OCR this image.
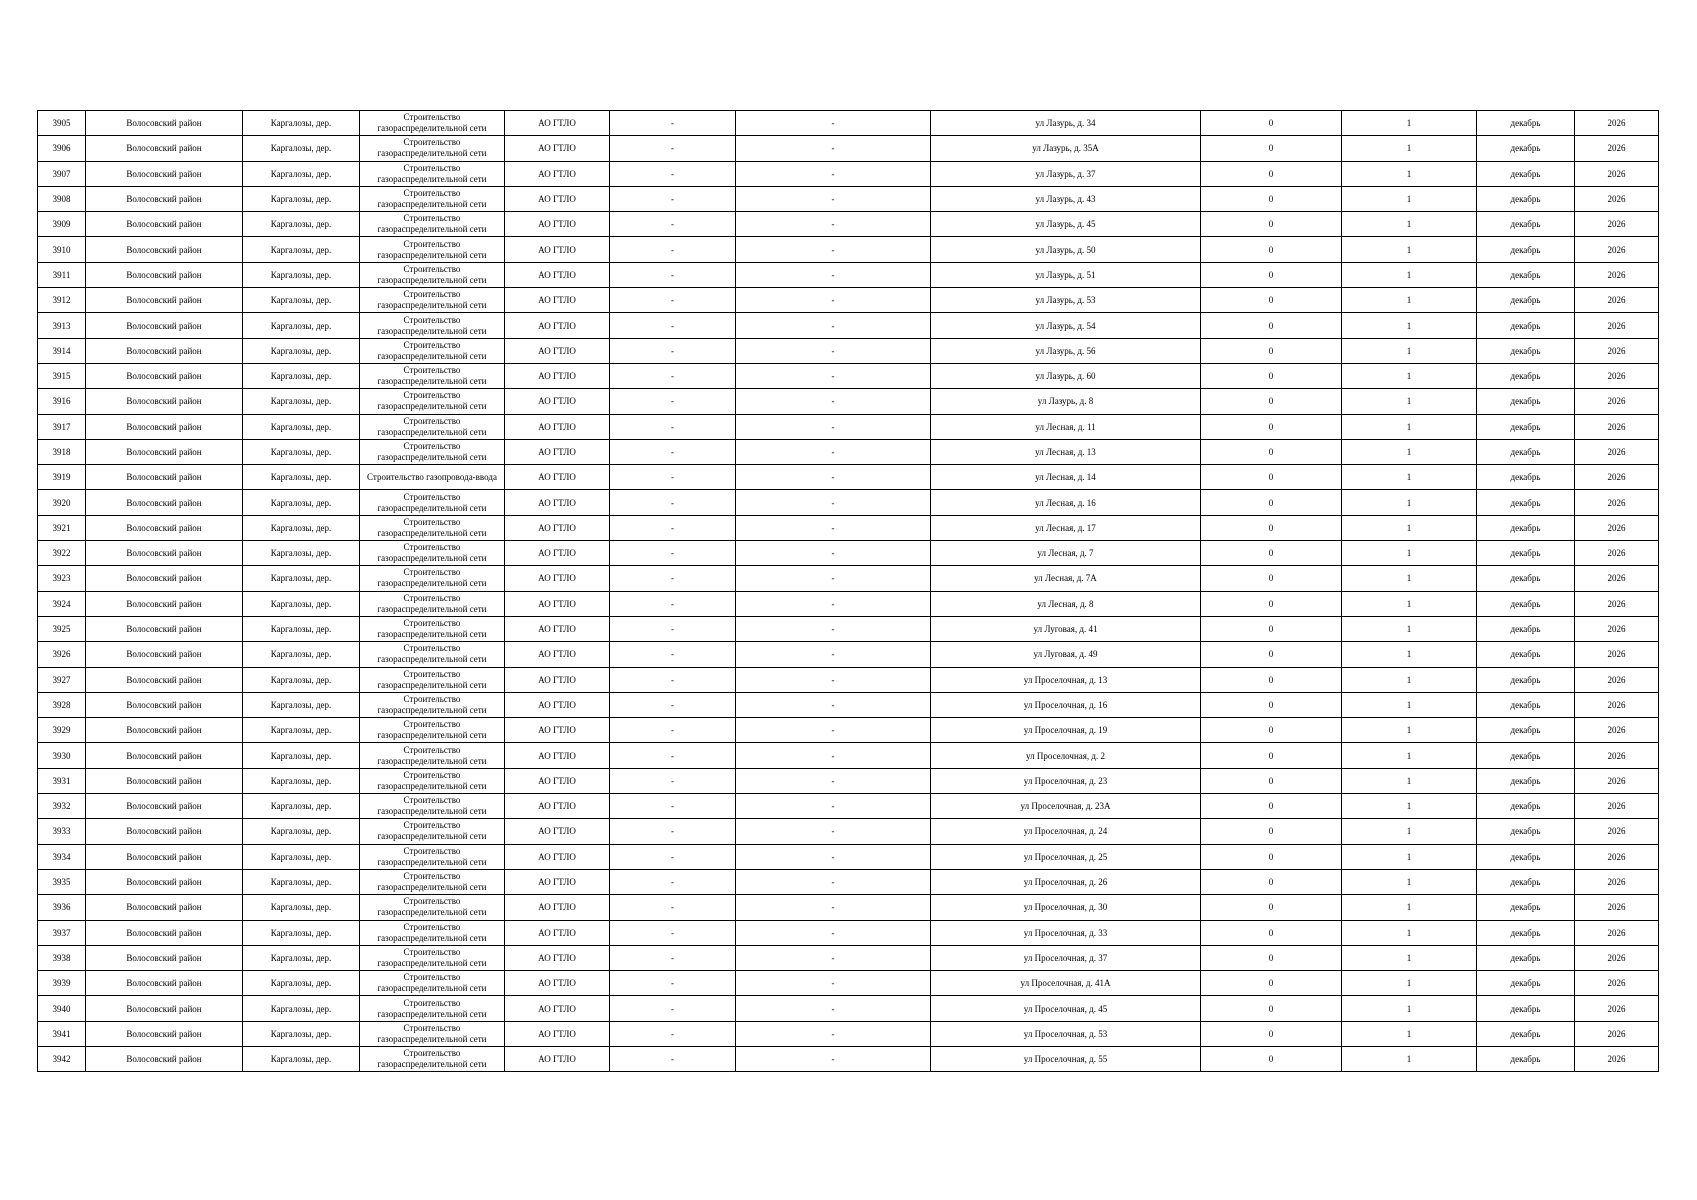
3905	Волосовский район	Каргалозы, дер.	Строительство газораспределительной сети	АО ГТЛО	-	-	ул Лазурь, д. 34	0	1	декабрь	2026
3906	Волосовский район	Каргалозы, дер.	Строительство газораспределительной сети	АО ГТЛО	-	-	ул Лазурь, д. 35А	0	1	декабрь	2026
3907	Волосовский район	Каргалозы, дер.	Строительство газораспределительной сети	АО ГТЛО	-	-	ул Лазурь, д. 37	0	1	декабрь	2026
3908	Волосовский район	Каргалозы, дер.	Строительство газораспределительной сети	АО ГТЛО	-	-	ул Лазурь, д. 43	0	1	декабрь	2026
3909	Волосовский район	Каргалозы, дер.	Строительство газораспределительной сети	АО ГТЛО	-	-	ул Лазурь, д. 45	0	1	декабрь	2026
3910	Волосовский район	Каргалозы, дер.	Строительство газораспределительной сети	АО ГТЛО	-	-	ул Лазурь, д. 50	0	1	декабрь	2026
3911	Волосовский район	Каргалозы, дер.	Строительство газораспределительной сети	АО ГТЛО	-	-	ул Лазурь, д. 51	0	1	декабрь	2026
3912	Волосовский район	Каргалозы, дер.	Строительство газораспределительной сети	АО ГТЛО	-	-	ул Лазурь, д. 53	0	1	декабрь	2026
3913	Волосовский район	Каргалозы, дер.	Строительство газораспределительной сети	АО ГТЛО	-	-	ул Лазурь, д. 54	0	1	декабрь	2026
3914	Волосовский район	Каргалозы, дер.	Строительство газораспределительной сети	АО ГТЛО	-	-	ул Лазурь, д. 56	0	1	декабрь	2026
3915	Волосовский район	Каргалозы, дер.	Строительство газораспределительной сети	АО ГТЛО	-	-	ул Лазурь, д. 60	0	1	декабрь	2026
3916	Волосовский район	Каргалозы, дер.	Строительство газораспределительной сети	АО ГТЛО	-	-	ул Лазурь, д. 8	0	1	декабрь	2026
3917	Волосовский район	Каргалозы, дер.	Строительство газораспределительной сети	АО ГТЛО	-	-	ул Лесная, д. 11	0	1	декабрь	2026
3918	Волосовский район	Каргалозы, дер.	Строительство газораспределительной сети	АО ГТЛО	-	-	ул Лесная, д. 13	0	1	декабрь	2026
3919	Волосовский район	Каргалозы, дер.	Строительство газопровода-ввода	АО ГТЛО	-	-	ул Лесная, д. 14	0	1	декабрь	2026
3920	Волосовский район	Каргалозы, дер.	Строительство газораспределительной сети	АО ГТЛО	-	-	ул Лесная, д. 16	0	1	декабрь	2026
3921	Волосовский район	Каргалозы, дер.	Строительство газораспределительной сети	АО ГТЛО	-	-	ул Лесная, д. 17	0	1	декабрь	2026
3922	Волосовский район	Каргалозы, дер.	Строительство газораспределительной сети	АО ГТЛО	-	-	ул Лесная, д. 7	0	1	декабрь	2026
3923	Волосовский район	Каргалозы, дер.	Строительство газораспределительной сети	АО ГТЛО	-	-	ул Лесная, д. 7А	0	1	декабрь	2026
3924	Волосовский район	Каргалозы, дер.	Строительство газораспределительной сети	АО ГТЛО	-	-	ул Лесная, д. 8	0	1	декабрь	2026
3925	Волосовский район	Каргалозы, дер.	Строительство газораспределительной сети	АО ГТЛО	-	-	ул Луговая, д. 41	0	1	декабрь	2026
3926	Волосовский район	Каргалозы, дер.	Строительство газораспределительной сети	АО ГТЛО	-	-	ул Луговая, д. 49	0	1	декабрь	2026
3927	Волосовский район	Каргалозы, дер.	Строительство газораспределительной сети	АО ГТЛО	-	-	ул Проселочная, д. 13	0	1	декабрь	2026
3928	Волосовский район	Каргалозы, дер.	Строительство газораспределительной сети	АО ГТЛО	-	-	ул Проселочная, д. 16	0	1	декабрь	2026
3929	Волосовский район	Каргалозы, дер.	Строительство газораспределительной сети	АО ГТЛО	-	-	ул Проселочная, д. 19	0	1	декабрь	2026
3930	Волосовский район	Каргалозы, дер.	Строительство газораспределительной сети	АО ГТЛО	-	-	ул Проселочная, д. 2	0	1	декабрь	2026
3931	Волосовский район	Каргалозы, дер.	Строительство газораспределительной сети	АО ГТЛО	-	-	ул Проселочная, д. 23	0	1	декабрь	2026
3932	Волосовский район	Каргалозы, дер.	Строительство газораспределительной сети	АО ГТЛО	-	-	ул Проселочная, д. 23А	0	1	декабрь	2026
3933	Волосовский район	Каргалозы, дер.	Строительство газораспределительной сети	АО ГТЛО	-	-	ул Проселочная, д. 24	0	1	декабрь	2026
3934	Волосовский район	Каргалозы, дер.	Строительство газораспределительной сети	АО ГТЛО	-	-	ул Проселочная, д. 25	0	1	декабрь	2026
3935	Волосовский район	Каргалозы, дер.	Строительство газораспределительной сети	АО ГТЛО	-	-	ул Проселочная, д. 26	0	1	декабрь	2026
3936	Волосовский район	Каргалозы, дер.	Строительство газораспределительной сети	АО ГТЛО	-	-	ул Проселочная, д. 30	0	1	декабрь	2026
3937	Волосовский район	Каргалозы, дер.	Строительство газораспределительной сети	АО ГТЛО	-	-	ул Проселочная, д. 33	0	1	декабрь	2026
3938	Волосовский район	Каргалозы, дер.	Строительство газораспределительной сети	АО ГТЛО	-	-	ул Проселочная, д. 37	0	1	декабрь	2026
3939	Волосовский район	Каргалозы, дер.	Строительство газораспределительной сети	АО ГТЛО	-	-	ул Проселочная, д. 41А	0	1	декабрь	2026
3940	Волосовский район	Каргалозы, дер.	Строительство газораспределительной сети	АО ГТЛО	-	-	ул Проселочная, д. 45	0	1	декабрь	2026
3941	Волосовский район	Каргалозы, дер.	Строительство газораспределительной сети	АО ГТЛО	-	-	ул Проселочная, д. 53	0	1	декабрь	2026
3942	Волосовский район	Каргалозы, дер.	Строительство газораспределительной сети	АО ГТЛО	-	-	ул Проселочная, д. 55	0	1	декабрь	2026
